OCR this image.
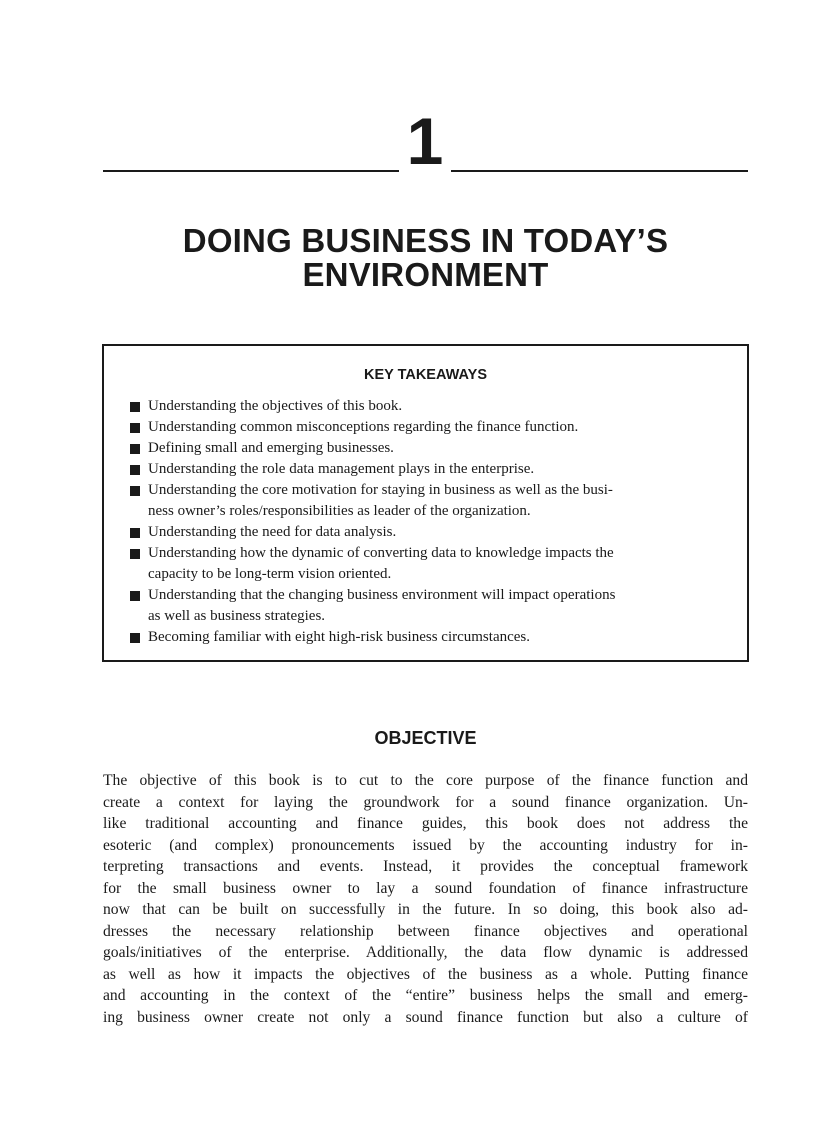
1
DOING BUSINESS IN TODAY’S
ENVIRONMENT
KEY TAKEAWAYS
Understanding the objectives of this book.
Understanding common misconceptions regarding the finance function.
Defining small and emerging businesses.
Understanding the role data management plays in the enterprise.
Understanding the core motivation for staying in business as well as the busi-
ness owner’s roles/responsibilities as leader of the organization.
Understanding the need for data analysis.
Understanding how the dynamic of converting data to knowledge impacts the
capacity to be long-term vision oriented.
Understanding that the changing business environment will impact operations
as well as business strategies.
Becoming familiar with eight high-risk business circumstances.
OBJECTIVE

The objective of this book is to cut to the core purpose of the finance function and
create a context for laying the groundwork for a sound finance organization. Un-
like traditional accounting and finance guides, this book does not address the
esoteric (and complex) pronouncements issued by the accounting industry for in-
terpreting transactions and events. Instead, it provides the conceptual framework
for the small business owner to lay a sound foundation of finance infrastructure
now that can be built on successfully in the future. In so doing, this book also ad-
dresses the necessary relationship between finance objectives and operational
goals/initiatives of the enterprise. Additionally, the data flow dynamic is addressed
as well as how it impacts the objectives of the business as a whole. Putting finance
and accounting in the context of the “entire” business helps the small and emerg-
ing business owner create not only a sound finance function but also a culture of
